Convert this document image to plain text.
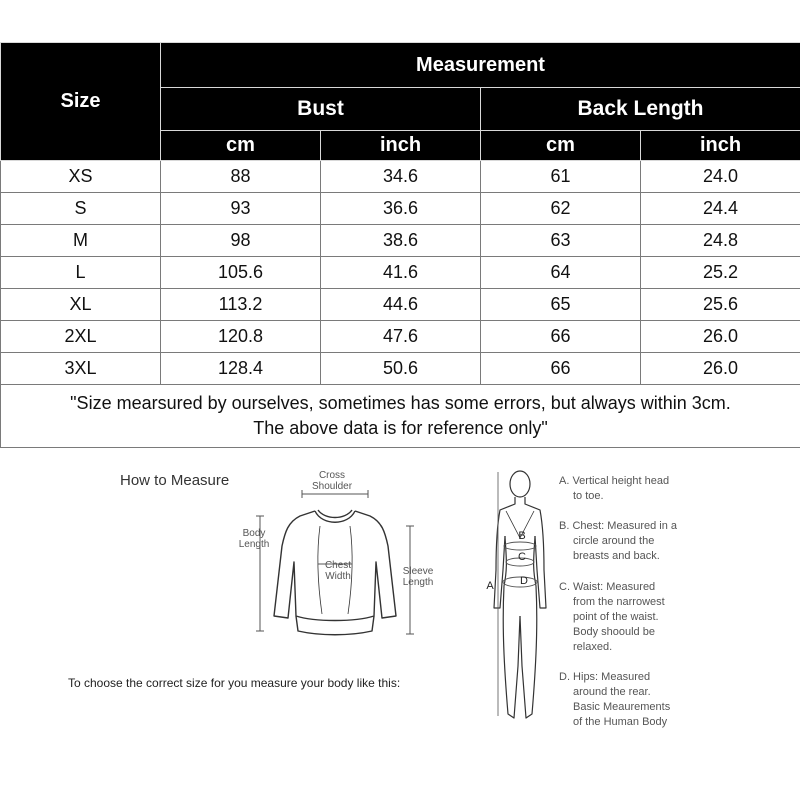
Size	Measurement			
	Bust		Back Length	
	cm	inch	cm	inch
XS	88	34.6	61	24.0
S	93	36.6	62	24.4
M	98	38.6	63	24.8
L	105.6	41.6	64	25.2
XL	113.2	44.6	65	25.6
2XL	120.8	47.6	66	26.0
3XL	128.4	50.6	66	26.0

"Size mearsured by ourselves, sometimes has some errors, but always within 3cm.
The above data is for reference only"				
How to Measure	Cross
Shoulder
Body
Length
Chest
Width	Sleeve
Length
To choose the correct size for you measure your body like this:
A
B
C
D
A. Vertical height head
to toe.
B. Chest: Measured in a
circle around the
breasts and back.
C. Waist: Measured
from the narrowest
point of the waist.
Body shoould be
relaxed.
D. Hips: Measured
around the rear.
Basic Meaurements
of the Human Body
